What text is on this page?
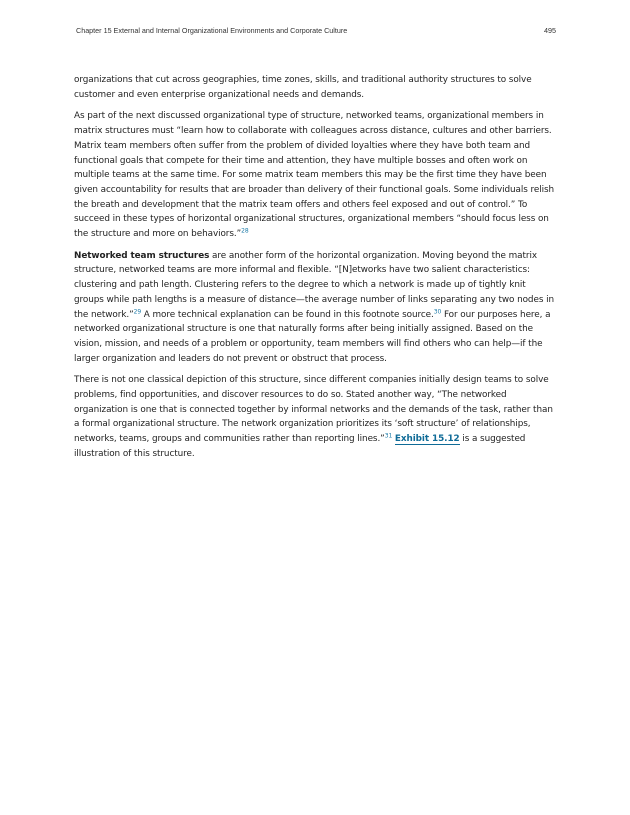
Chapter 15 External and Internal Organizational Environments and Corporate Culture	495

organizations that cut across geographies, time zones, skills, and traditional authority structures to solve customer and even enterprise organizational needs and demands.

As part of the next discussed organizational type of structure, networked teams, organizational members in matrix structures must “learn how to collaborate with colleagues across distance, cultures and other barriers. Matrix team members often suffer from the problem of divided loyalties where they have both team and functional goals that compete for their time and attention, they have multiple bosses and often work on multiple teams at the same time. For some matrix team members this may be the first time they have been given accountability for results that are broader than delivery of their functional goals. Some individuals relish the breath and development that the matrix team offers and others feel exposed and out of control.” To succeed in these types of horizontal organizational structures, organizational members “should focus less on the structure and more on behaviors.”$^{28}$

Networked team structures are another form of the horizontal organization. Moving beyond the matrix structure, networked teams are more informal and flexible. “[N]etworks have two salient characteristics: clustering and path length. Clustering refers to the degree to which a network is made up of tightly knit groups while path lengths is a measure of distance—the average number of links separating any two nodes in the network.”$^{29}$ A more technical explanation can be found in this footnote source.$^{30}$ For our purposes here, a networked organizational structure is one that naturally forms after being initially assigned. Based on the vision, mission, and needs of a problem or opportunity, team members will find others who can help—if the larger organization and leaders do not prevent or obstruct that process.

There is not one classical depiction of this structure, since different companies initially design teams to solve problems, find opportunities, and discover resources to do so. Stated another way, “The networked organization is one that is connected together by informal networks and the demands of the task, rather than a formal organizational structure. The network organization prioritizes its ‘soft structure’ of relationships, networks, teams, groups and communities rather than reporting lines.”$^{31}$ Exhibit 15.12 is a suggested illustration of this structure.
